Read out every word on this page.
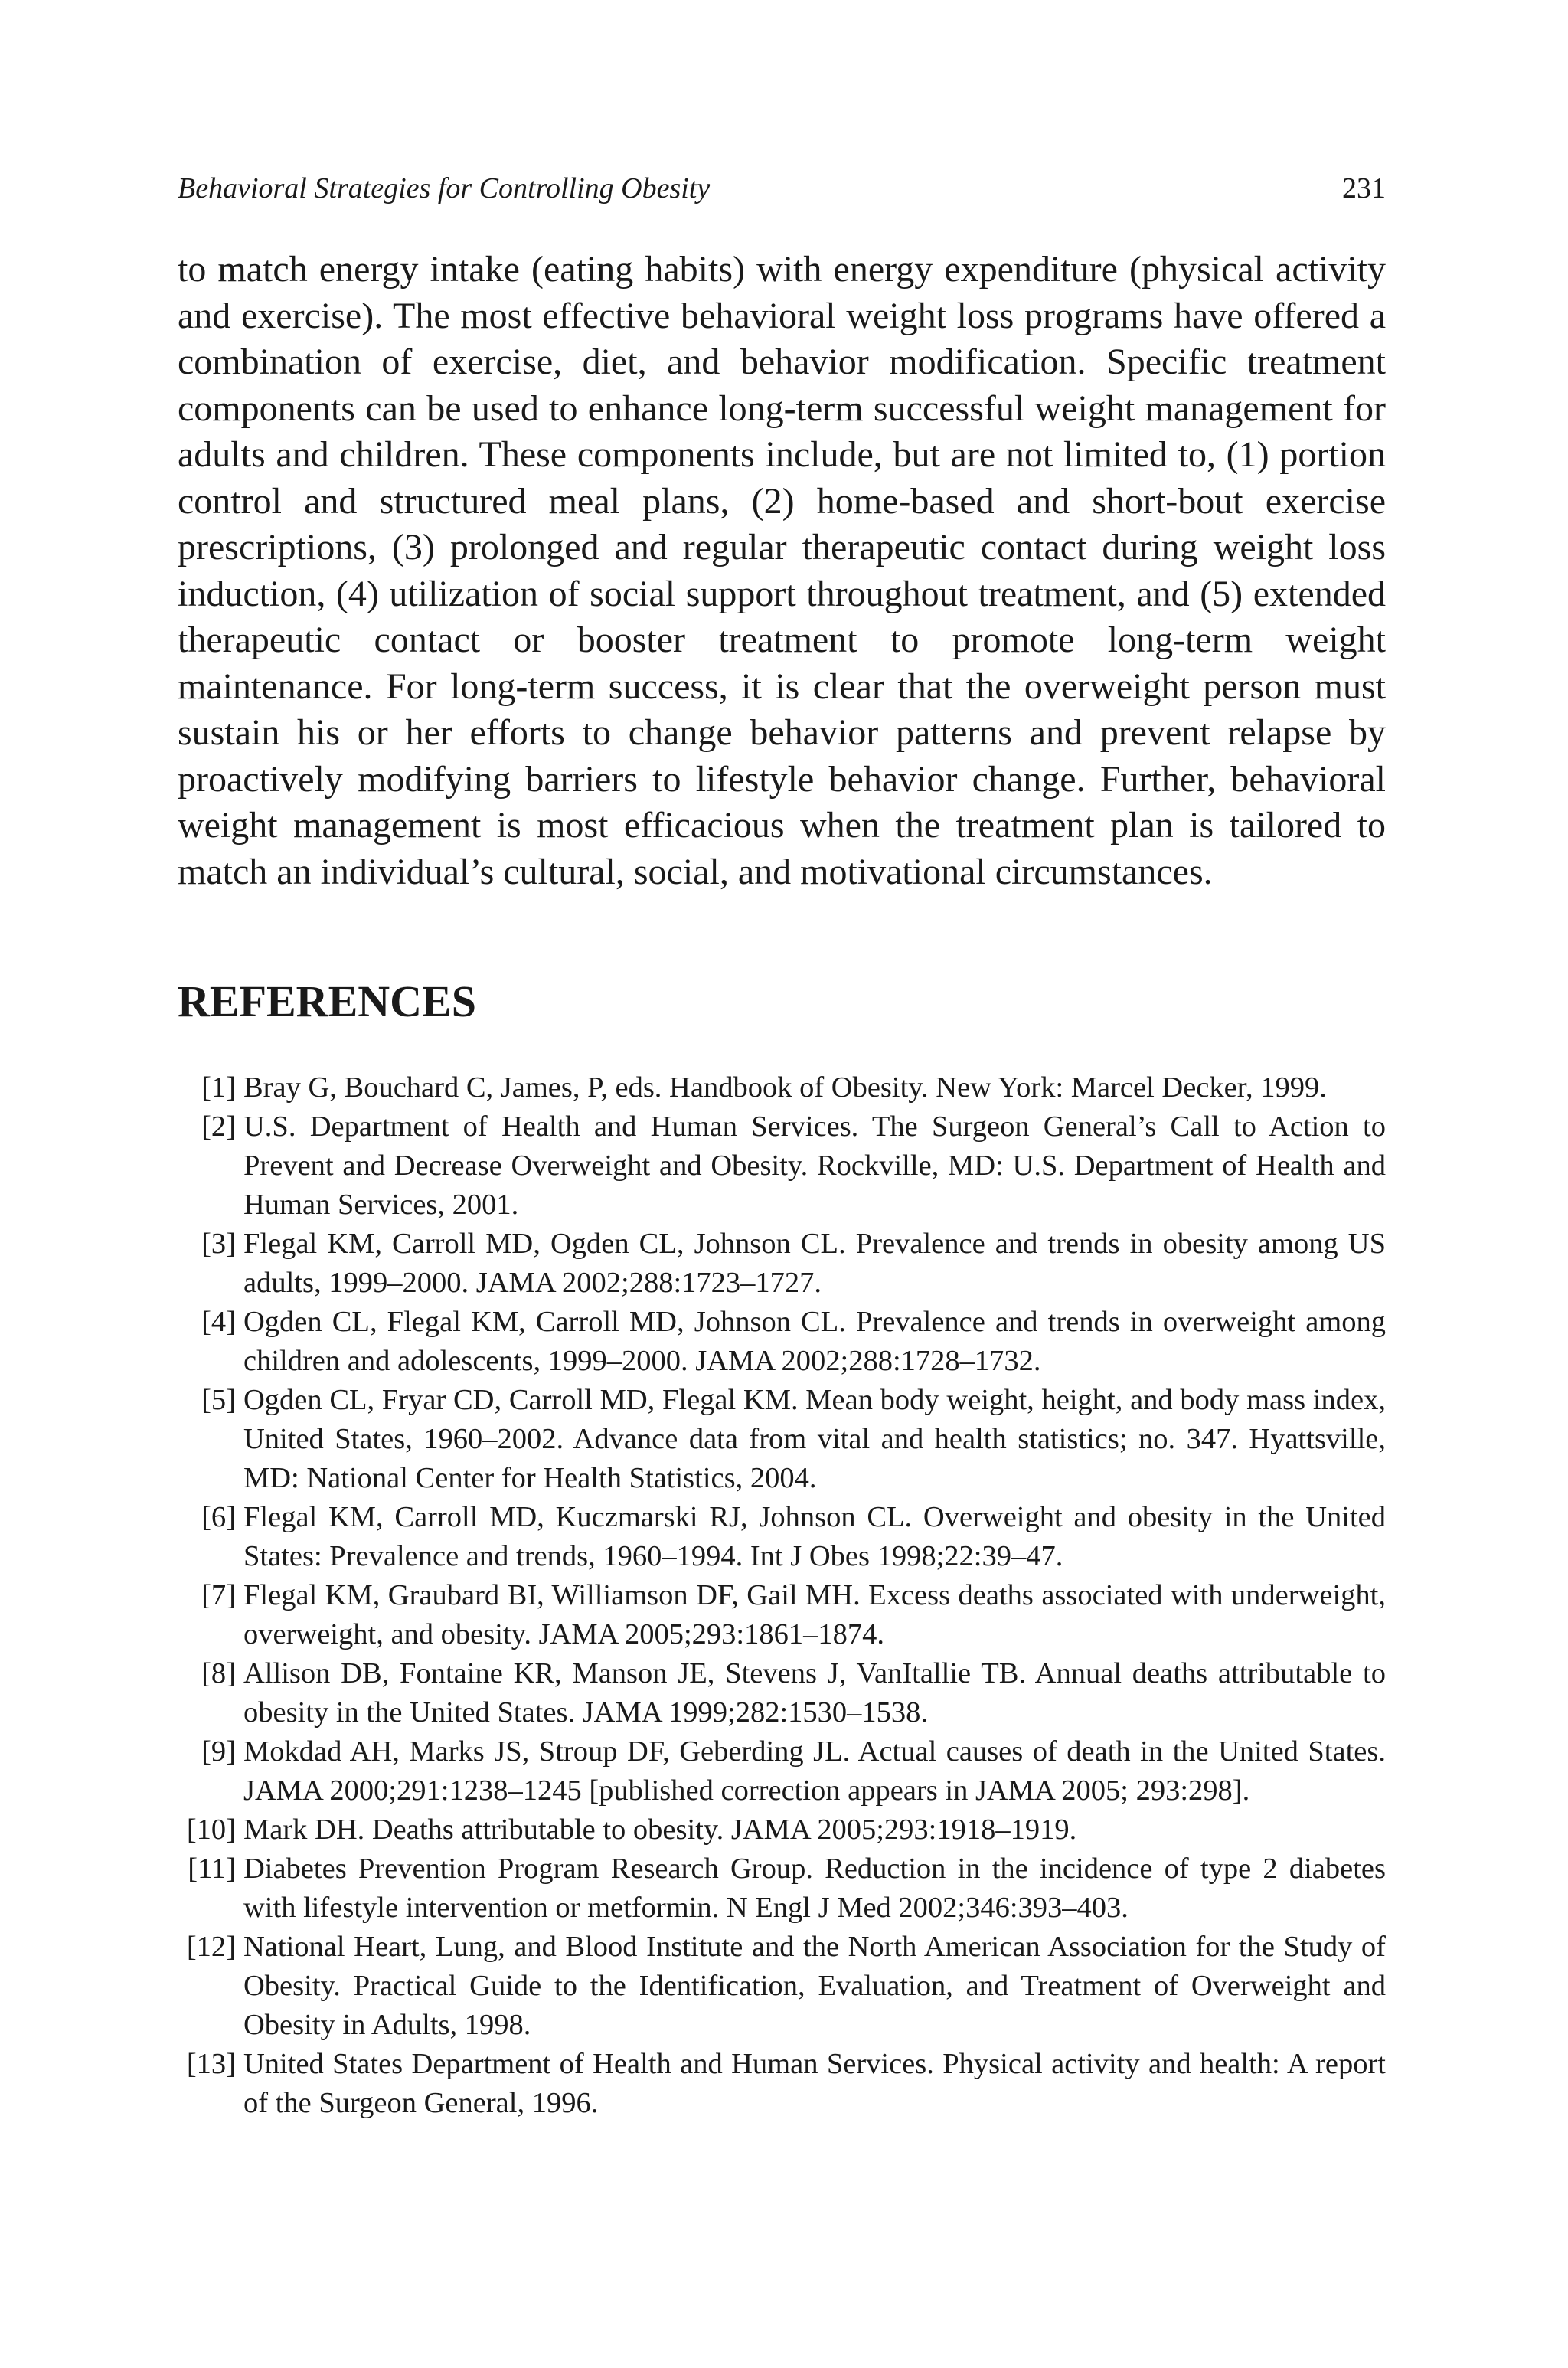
Behavioral Strategies for Controlling Obesity	231

to match energy intake (eating habits) with energy expenditure (physical activity and exercise). The most effective behavioral weight loss programs have offered a combination of exercise, diet, and behavior modification. Specific treatment components can be used to enhance long-term successful weight management for adults and children. These components include, but are not limited to, (1) portion control and structured meal plans, (2) home-based and short-bout exercise prescriptions, (3) prolonged and regular therapeutic contact during weight loss induction, (4) utilization of social support throughout treatment, and (5) extended therapeutic contact or booster treatment to promote long-term weight maintenance. For long-term success, it is clear that the overweight person must sustain his or her efforts to change behavior patterns and prevent relapse by proactively modifying barriers to lifestyle behavior change. Further, behavioral weight management is most efficacious when the treatment plan is tailored to match an individual’s cultural, social, and motivational circumstances.

REFERENCES
[1] Bray G, Bouchard C, James, P, eds. Handbook of Obesity. New York: Marcel Decker, 1999.
[2] U.S. Department of Health and Human Services. The Surgeon General’s Call to Action to Prevent and Decrease Overweight and Obesity. Rockville, MD: U.S. Department of Health and Human Services, 2001.
[3] Flegal KM, Carroll MD, Ogden CL, Johnson CL. Prevalence and trends in obesity among US adults, 1999–2000. JAMA 2002;288:1723–1727.
[4] Ogden CL, Flegal KM, Carroll MD, Johnson CL. Prevalence and trends in overweight among children and adolescents, 1999–2000. JAMA 2002;288:1728–1732.
[5] Ogden CL, Fryar CD, Carroll MD, Flegal KM. Mean body weight, height, and body mass index, United States, 1960–2002. Advance data from vital and health statistics; no. 347. Hyattsville, MD: National Center for Health Statistics, 2004.
[6] Flegal KM, Carroll MD, Kuczmarski RJ, Johnson CL. Overweight and obesity in the United States: Prevalence and trends, 1960–1994. Int J Obes 1998;22:39–47.
[7] Flegal KM, Graubard BI, Williamson DF, Gail MH. Excess deaths associated with underweight, overweight, and obesity. JAMA 2005;293:1861–1874.
[8] Allison DB, Fontaine KR, Manson JE, Stevens J, VanItallie TB. Annual deaths attributable to obesity in the United States. JAMA 1999;282:1530–1538.
[9] Mokdad AH, Marks JS, Stroup DF, Geberding JL. Actual causes of death in the United States. JAMA 2000;291:1238–1245 [published correction appears in JAMA 2005; 293:298].
[10] Mark DH. Deaths attributable to obesity. JAMA 2005;293:1918–1919.
[11] Diabetes Prevention Program Research Group. Reduction in the incidence of type 2 diabetes with lifestyle intervention or metformin. N Engl J Med 2002;346:393–403.
[12] National Heart, Lung, and Blood Institute and the North American Association for the Study of Obesity. Practical Guide to the Identification, Evaluation, and Treatment of Overweight and Obesity in Adults, 1998.
[13] United States Department of Health and Human Services. Physical activity and health: A report of the Surgeon General, 1996.
